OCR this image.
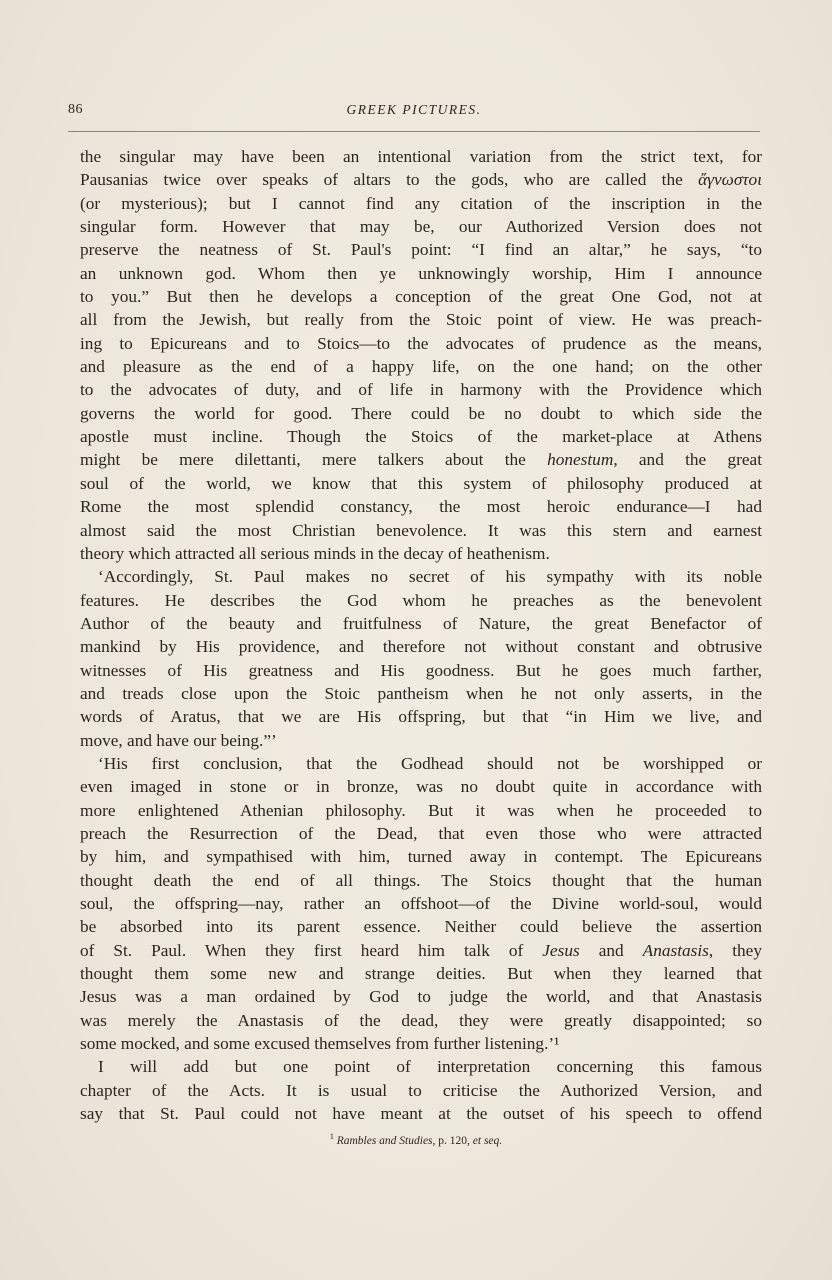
86	GREEK PICTURES.
the singular may have been an intentional variation from the strict text, for
Pausanias twice over speaks of altars to the gods, who are called the ἄγνωστοι
(or mysterious); but I cannot find any citation of the inscription in the
singular form. However that may be, our Authorized Version does not
preserve the neatness of St. Paul's point: “I find an altar,” he says, “to
an unknown god. Whom then ye unknowingly worship, Him I announce
to you.” But then he develops a conception of the great One God, not at
all from the Jewish, but really from the Stoic point of view. He was preach-
ing to Epicureans and to Stoics—to the advocates of prudence as the means,
and pleasure as the end of a happy life, on the one hand; on the other
to the advocates of duty, and of life in harmony with the Providence which
governs the world for good. There could be no doubt to which side the
apostle must incline. Though the Stoics of the market-place at Athens
might be mere dilettanti, mere talkers about the honestum, and the great
soul of the world, we know that this system of philosophy produced at
Rome the most splendid constancy, the most heroic endurance—I had
almost said the most Christian benevolence. It was this stern and earnest
theory which attracted all serious minds in the decay of heathenism.
‘Accordingly, St. Paul makes no secret of his sympathy with its noble
features. He describes the God whom he preaches as the benevolent
Author of the beauty and fruitfulness of Nature, the great Benefactor of
mankind by His providence, and therefore not without constant and obtrusive
witnesses of His greatness and His goodness. But he goes much farther,
and treads close upon the Stoic pantheism when he not only asserts, in the
words of Aratus, that we are His offspring, but that “in Him we live, and
move, and have our being.”’
‘His first conclusion, that the Godhead should not be worshipped or
even imaged in stone or in bronze, was no doubt quite in accordance with
more enlightened Athenian philosophy. But it was when he proceeded to
preach the Resurrection of the Dead, that even those who were attracted
by him, and sympathised with him, turned away in contempt. The Epicureans
thought death the end of all things. The Stoics thought that the human
soul, the offspring—nay, rather an offshoot—of the Divine world-soul, would
be absorbed into its parent essence. Neither could believe the assertion
of St. Paul. When they first heard him talk of Jesus and Anastasis, they
thought them some new and strange deities. But when they learned that
Jesus was a man ordained by God to judge the world, and that Anastasis
was merely the Anastasis of the dead, they were greatly disappointed; so
some mocked, and some excused themselves from further listening.’¹
I will add but one point of interpretation concerning this famous
chapter of the Acts. It is usual to criticise the Authorized Version, and
say that St. Paul could not have meant at the outset of his speech to offend
$^1$ Rambles and Studies, p. 120, et seq.
